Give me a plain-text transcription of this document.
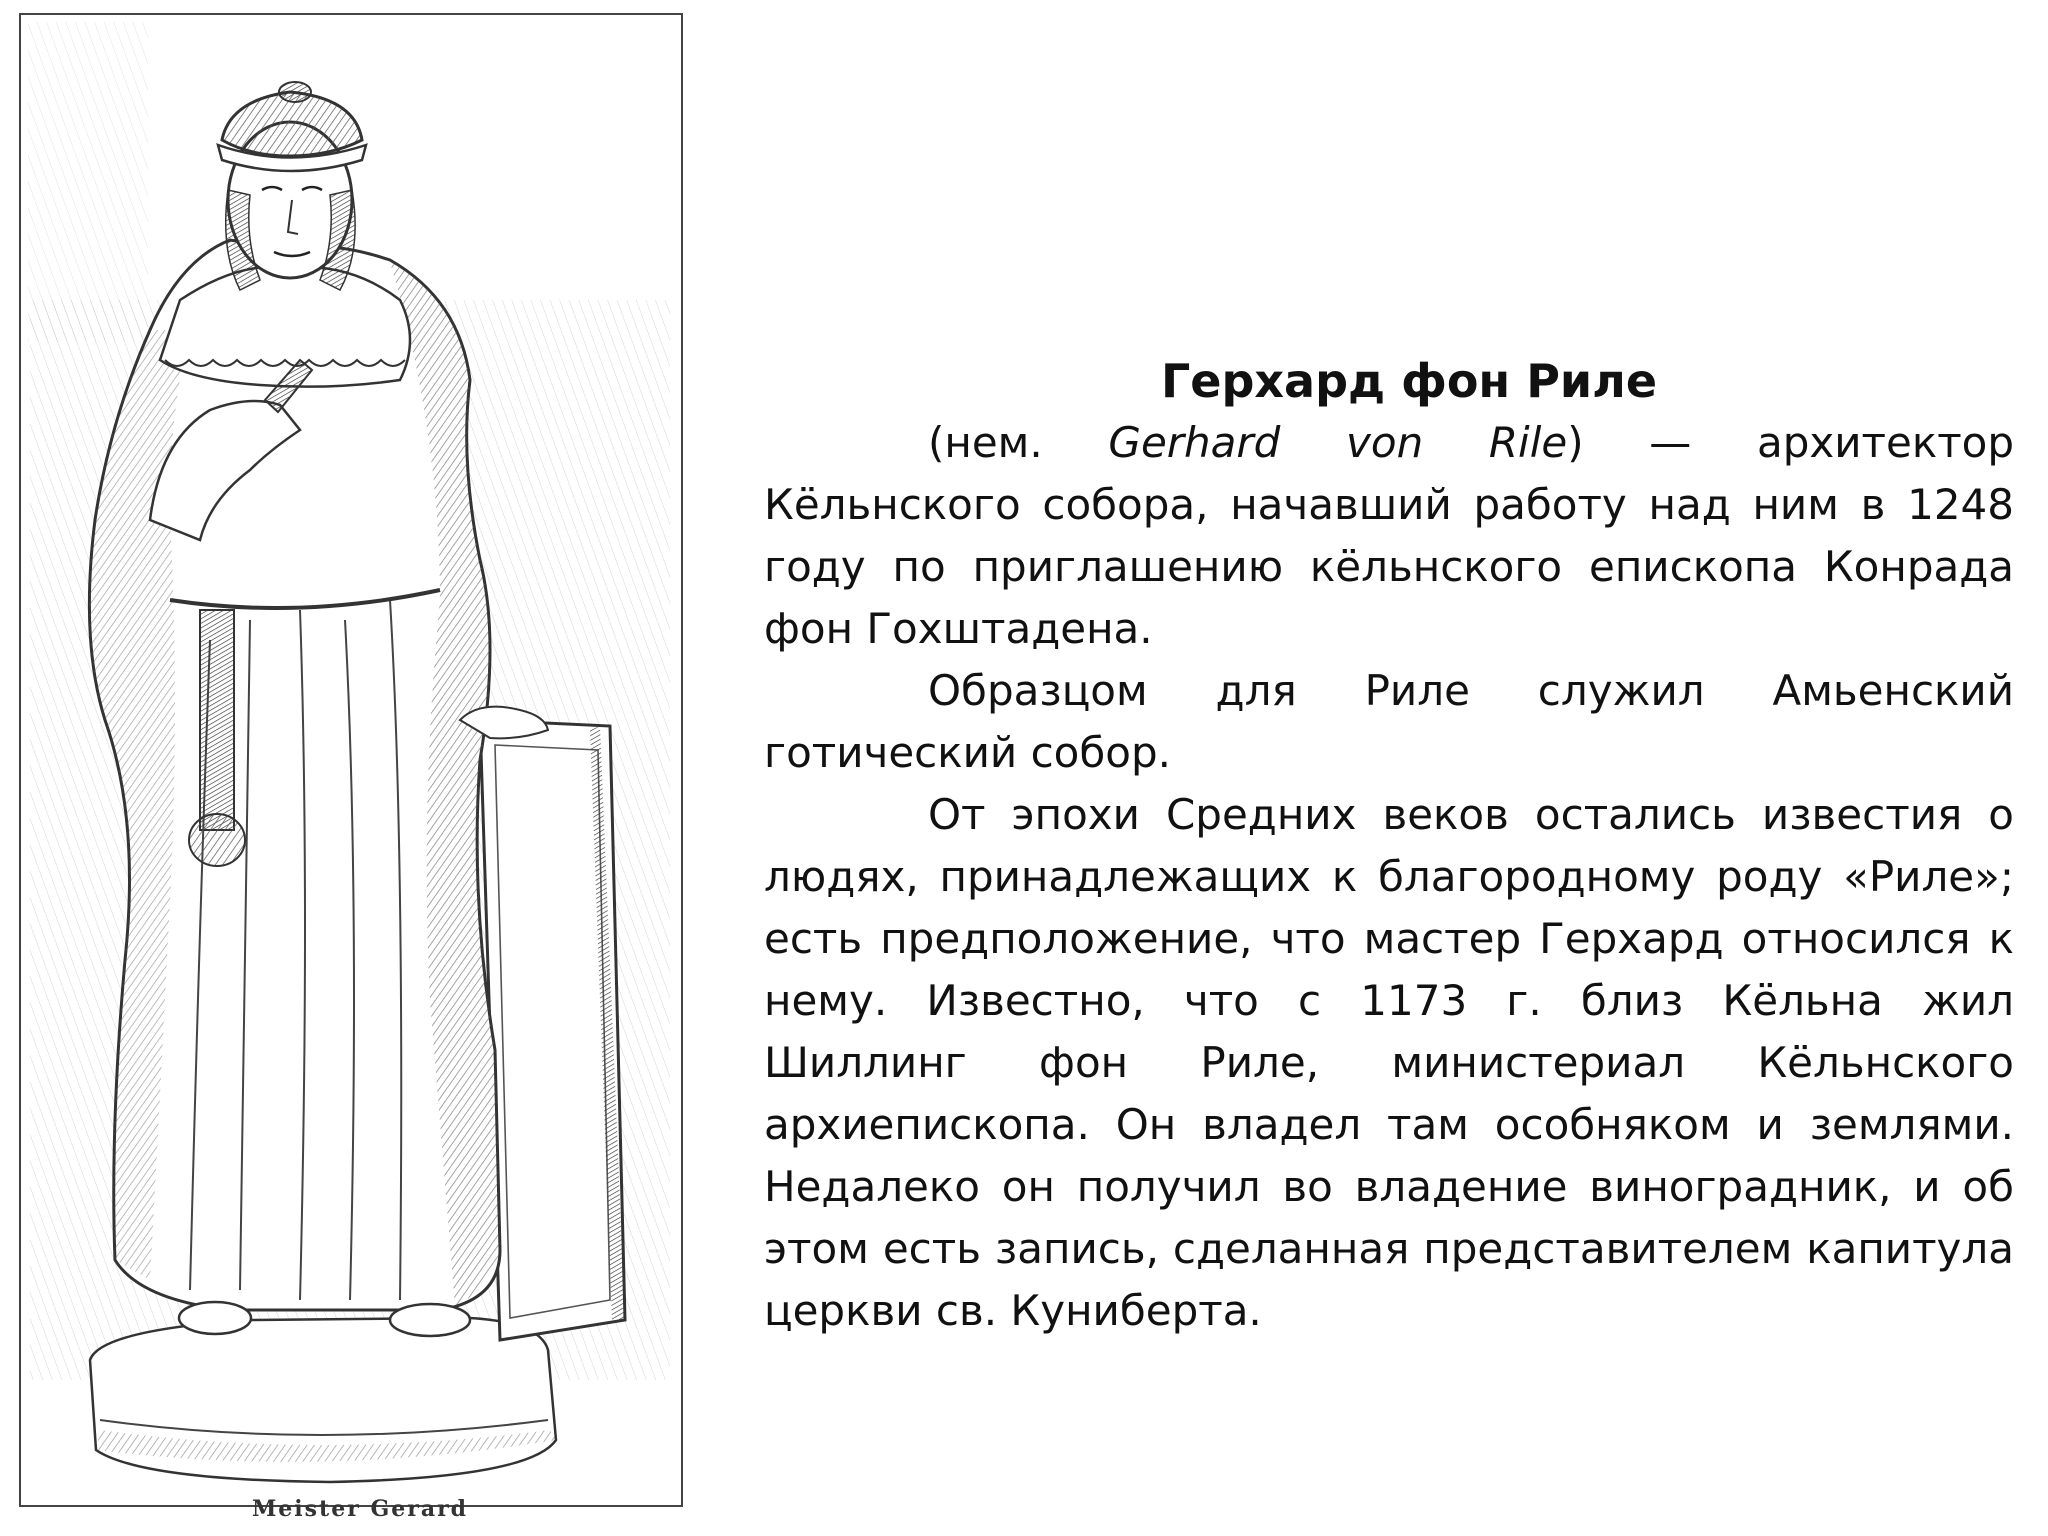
Meister Gerard
Герхард фон Риле

(нем. Gerhard von Rile) — архитектор Кёльнского собора, начавший работу над ним в 1248 году по приглашению кёльнского епископа Конрада фон Гохштадена.

Образцом для Риле служил Амьенский готический собор.

От эпохи Средних веков остались известия о людях, принадлежащих к благородному роду «Риле»; есть предположение, что мастер Герхард относился к нему. Известно, что с 1173 г. близ Кёльна жил Шиллинг фон Риле, министериал Кёльнского архиепископа. Он владел там особняком и землями. Недалеко он получил во владение виноградник, и об этом есть запись, сделанная представителем капитула церкви св. Куниберта.
